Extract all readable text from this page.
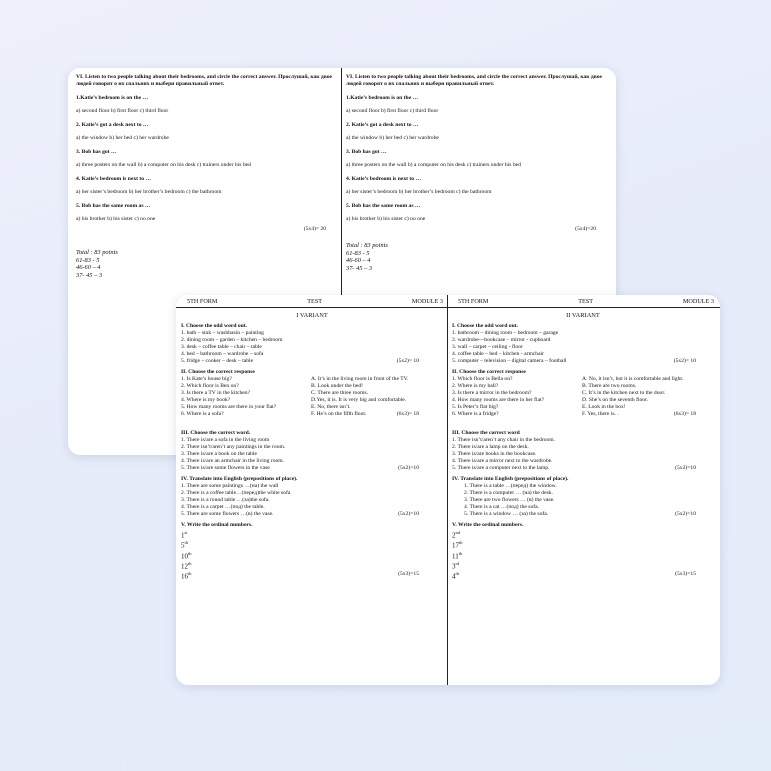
VI. Listen to two people talking about their bedrooms, and circle the correct answer. Прослушай, как двое людей говорят о их спальнях и выбери правильный ответ.

1.Katie’s bedroom is on the …

a) second floor b) first floor c) third floor

2. Katie’s got a desk next to …

a) the window b) her bed c) her wardrobe

3. Bob has got …

a) three posters on the wall b) a computer on his desk c) trainers under his bed

4. Katie’s bedroom is next to …

a) her sister’s bedroom b) her brother’s bedroom c) the bathroom

5. Bob has the same room as …

a) his brother b) his sister c) no one

(5x4)= 20

Total : 83 points

61-83 - 5

46-60 – 4

37- 45 – 3

VI. Listen to two people talking about their bedrooms, and circle the correct answer. Прослушай, как двое людей говорят о их спальнях и выбери правильный ответ.

1.Katie’s bedroom is on the …

a) second floor b) first floor c) third floor

2. Katie’s got a desk next to …

a) the window b) her bed c) her wardrobe

3. Bob has got …

a) three posters on the wall b) a computer on his desk c) trainers under his bed

4. Katie’s bedroom is next to …

a) her sister’s bedroom b) her brother’s bedroom c) the bathroom

5. Bob has the same room as …

a) his brother b) his sister c) no one

(5x4)=20

Total : 83 points

61-83 - 5

46-60 – 4

37- 45 – 3

5TH FORM	TEST	MODULE 3
I VARIANT

I. Choose the odd word out.

1. bath – sink – washbasin – painting

2. dining room – garden – kitchen – bedroom

3. desk – coffee table – chair – table

4. bed – bathroom – wardrobe – sofa

5. fridge – cooker – desk – table	(5x2)= 10

II. Choose the correct response

1. Is Kate’s house big?	A. It’s in the living room in front of the TV.
2. Which floor is Ben on?	B. Look under the bed!
3. Is there a TV in the kitchen?	C. There are three rooms.
4. Where is my book?	D.Yes, it is. It is very big and comfortable.
5. How many rooms are there in your flat?	E. No, there isn’t.
6. Where is a sofa?	F. He’s on the fifth floor.	(6x3)= 18

III. Choose the correct word.

1. There is/are a sofa in the living room

2. There isn’t/aren’t any paintings in the room.

3. There is/are a book on the table

4. There is/are an armchair in the living room.

5. There is/are some flowers in the vase	(5x2)=10

IV. Translate into English (prepositions of place).

1. There are some paintings …(на) the wall

2. There is a coffee table…(перед)the white sofa

3. There is a round table …(за)the sofa.

4. There is a carpet …(под) the table.

5. There are some flowers …(в) the vase.	(5x2)=10

V. Write the ordinal numbers.

1st
5th
10th
12th
16th	(5x3)=15
5TH FORM	TEST	MODULE 3
II VARIANT

I. Choose the odd word out.

1. bathroom – dining room – bedroom – garage

2. wardrobe—bookcase – mirror - cupboard

3. wall – carpet – ceiling - floor

4. coffee table – bed – kitchen - armchair

5. computer – television – digital camera – football	(5x2)= 10

II. Choose the correct response

1. Which floor is Bella on?	A. No, it isn’t, but it is comfortable and light.
2. Where is my ball?	B. There are two rooms.
3. Is there a mirror in the bedroom?	C. It’s in the kitchen next to the door.
4. How many rooms are there in her flat?	D. She’s on the seventh floor.
5. Is Peter’s flat big?	E. Look in the box!
6. Where is a fridge?	F. Yes, there is. .	(6x3)= 18

III. Choose the correct word

1. There isn’t/aren’t any chair in the bedroom.

2. There is/are a lamp on the desk.

3. There is/are books in the bookcase.

4. There is/are a mirror next to the wardrobe.

5. There is/are a computer next to the lamp.	(5x2)=10

IV. Translate into English (prepositions of place).

1. There is a table …(перед) the window.

2. There is a computer … (на) the desk.

3. There are two flowers … (в) the vase.

4. There is a cat …(под) the sofa.

5. There is a window … (за) the sofa.	(5x2)=10

V. Write the ordinal numbers.

2nd
17th
11th
3rd
4th	(5x3)=15
